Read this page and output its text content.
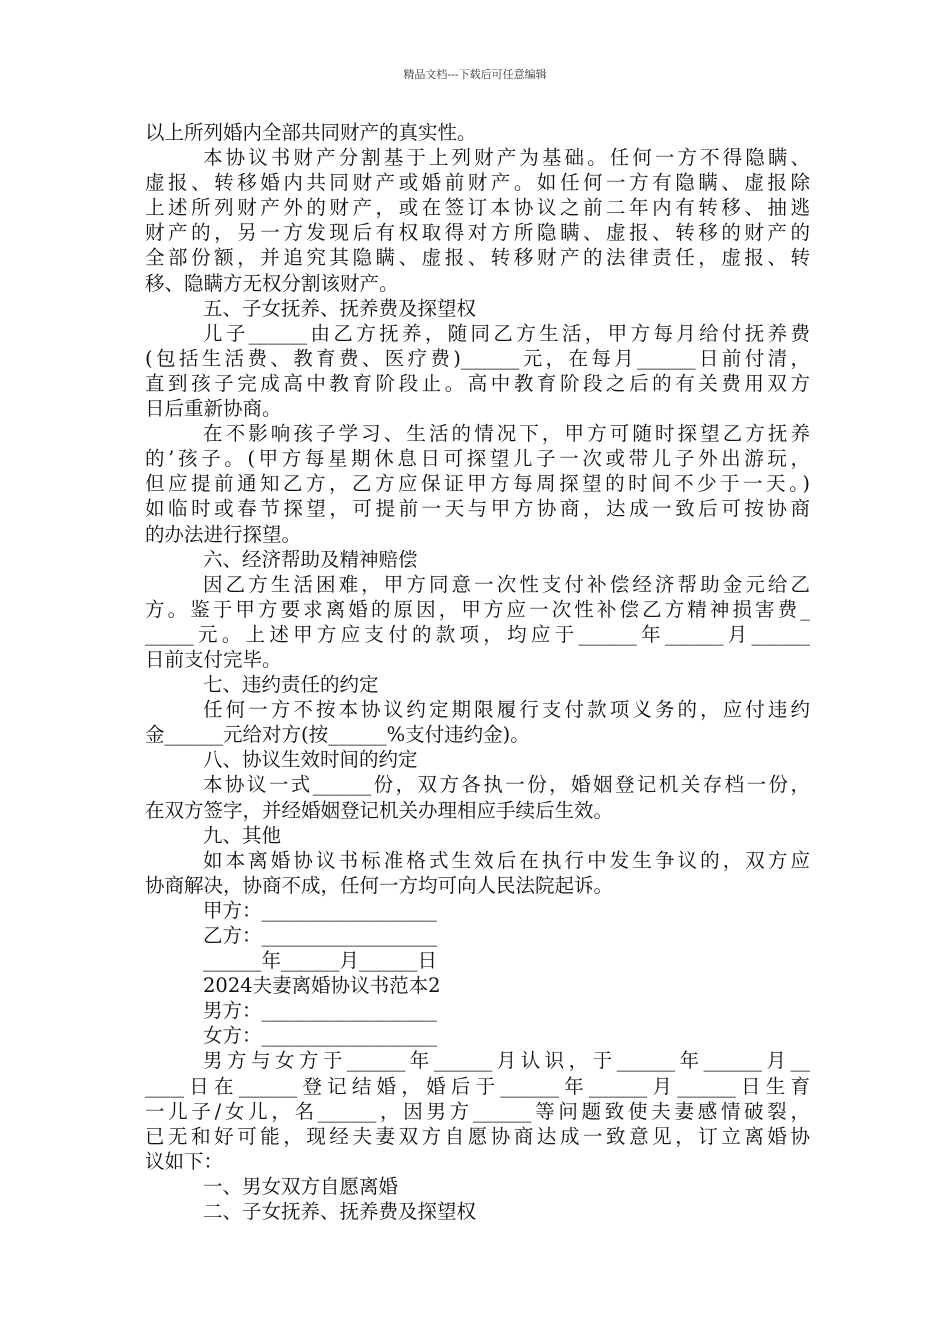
精品文档---下载后可任意编辑
以上所列婚内全部共同财产的真实性。
本协议书财产分割基于上列财产为基础。任何一方不得隐瞒、
虚报、转移婚内共同财产或婚前财产。如任何一方有隐瞒、虚报除
上述所列财产外的财产，或在签订本协议之前二年内有转移、抽逃
财产的，另一方发现后有权取得对方所隐瞒、虚报、转移的财产的
全部份额，并追究其隐瞒、虚报、转移财产的法律责任，虚报、转
移、隐瞒方无权分割该财产。
五、子女抚养、抚养费及探望权
儿子______由乙方抚养，随同乙方生活，甲方每月给付抚养费
(包括生活费、教育费、医疗费)______元，在每月______日前付清，
直到孩子完成高中教育阶段止。高中教育阶段之后的有关费用双方
日后重新协商。
在不影响孩子学习、生活的情况下，甲方可随时探望乙方抚养
的’孩子。(甲方每星期休息日可探望儿子一次或带儿子外出游玩，
但应提前通知乙方，乙方应保证甲方每周探望的时间不少于一天。)
如临时或春节探望，可提前一天与甲方协商，达成一致后可按协商
的办法进行探望。
六、经济帮助及精神赔偿
因乙方生活困难，甲方同意一次性支付补偿经济帮助金元给乙
方。鉴于甲方要求离婚的原因，甲方应一次性补偿乙方精神损害费_
_____元。上述甲方应支付的款项，均应于______年______月______
日前支付完毕。
七、违约责任的约定
任何一方不按本协议约定期限履行支付款项义务的，应付违约
金______元给对方(按______%支付违约金)。
八、协议生效时间的约定
本协议一式______份，双方各执一份，婚姻登记机关存档一份，
在双方签字，并经婚姻登记机关办理相应手续后生效。
九、其他
如本离婚协议书标准格式生效后在执行中发生争议的，双方应
协商解决，协商不成，任何一方均可向人民法院起诉。
甲方：__________________
乙方：__________________
______年______月______日
2024夫妻离婚协议书范本2
男方：__________________
女方：__________________
男方与女方于______年______月认识，于______年______月__
____日在______登记结婚，婚后于______年______月______日生育
一儿子/女儿，名______，因男方______等问题致使夫妻感情破裂，
已无和好可能，现经夫妻双方自愿协商达成一致意见，订立离婚协
议如下：
一、男女双方自愿离婚
二、子女抚养、抚养费及探望权
